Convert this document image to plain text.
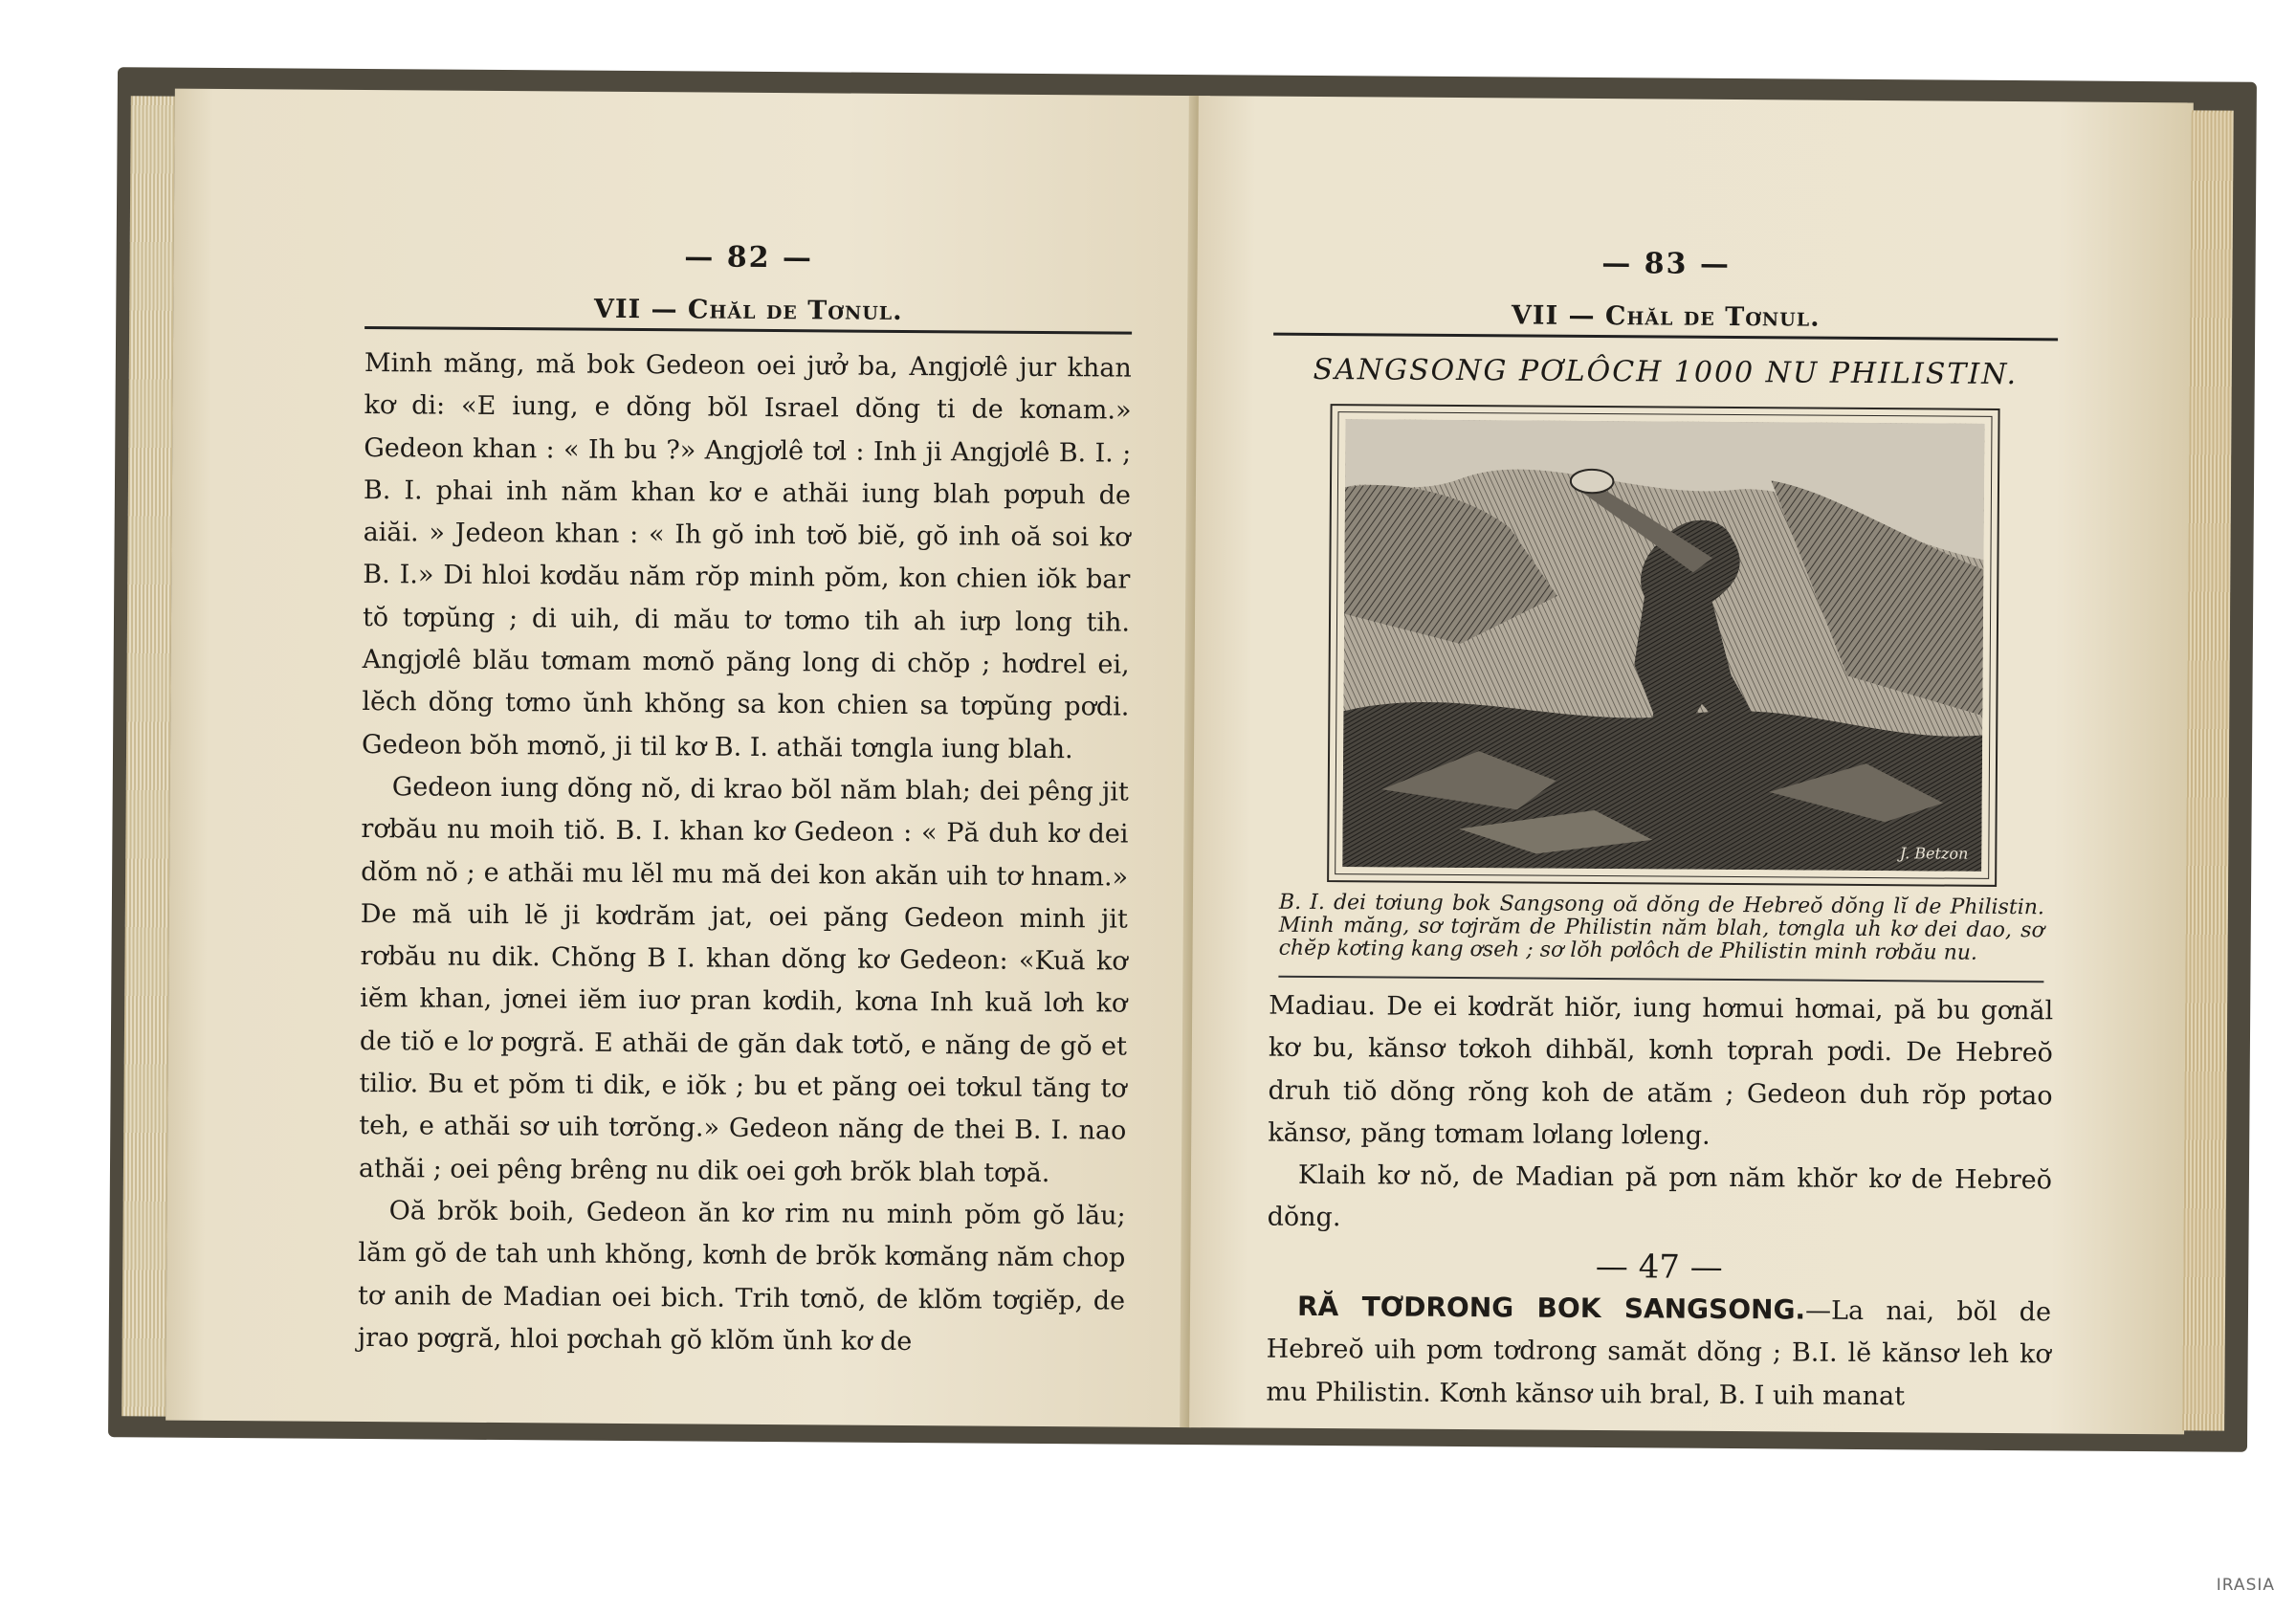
— 82 —
VII — Chăl de Tơnul.

Minh măng, mă bok Gedeon oei jưở ba, Angjơlê jur khan kơ di: «E iung, e dŏng bŏl Israel dŏng ti de kơnam.» Gedeon khan : « Ih bu ?» Angjơlê tơl : Inh ji Angjơlê B. I. ; B. I. phai inh năm khan kơ e athăi iung blah pơpuh de aiăi. » Jedeon khan : « Ih gŏ inh tơŏ biĕ, gŏ inh oă soi kơ B. I.» Di hloi kơdău năm rŏp minh pŏm, kon chien iŏk bar tŏ tơpŭng ; di uih, di mău tơ tơmo tih ah iưp long tih. Angjơlê blău tơmam mơnŏ păng long di chŏp ; hơdrel ei, lĕch dŏng tơmo ŭnh khŏng sa kon chien sa tơpŭng pơdi. Gedeon bŏh mơnŏ, ji til kơ B. I. athăi tơngla iung blah.

Gedeon iung dŏng nŏ, di krao bŏl năm blah; dei pêng jit rơbău nu moih tiŏ. B. I. khan kơ Gedeon : « Pă duh kơ dei dŏm nŏ ; e athăi mu lĕl mu mă dei kon akăn uih tơ hnam.» De mă uih lĕ ji kơdrăm jat, oei păng Gedeon minh jit rơbău nu dik. Chŏng B I. khan dŏng kơ Gedeon: «Kuă kơ iĕm khan, jơnei iĕm iuơ pran kơdih, kơna Inh kuă lơh kơ de tiŏ e lơ pơgră. E athăi de găn dak tơtŏ, e năng de gŏ et tiliơ. Bu et pŏm ti dik, e iŏk ; bu et păng oei tơkul tăng tơ teh, e athăi sơ uih tơrŏng.» Gedeon năng de thei B. I. nao athăi ; oei pêng brêng nu dik oei gơh brŏk blah tơpă.

Oă brŏk boih, Gedeon ăn kơ rim nu minh pŏm gŏ lău; lăm gŏ de tah unh khŏng, kơnh de brŏk kơmăng năm chop tơ anih de Madian oei bich. Trih tơnŏ, de klŏm tơgiĕp, de jrao pơgră, hloi pơchah gŏ klŏm ŭnh kơ de

— 83 —
VII — Chăl de Tơnul.
SANGSONG PƠLÔCH 1000 NU PHILISTIN.
J. Betzon
B. I. dei tơiung bok Sangsong oă dŏng de Hebreŏ dŏng lĭ de Philistin. Minh măng, sơ tơjrăm de Philistin năm blah, tơngla uh kơ dei dao, sơ chĕp kơting kang ơseh ; sơ lŏh pơlôch de Philistin minh rơbău nu.

Madiau. De ei kơdrăt hiŏr, iung hơmui hơmai, pă bu gơnăl kơ bu, kănsơ tơkoh dihbăl, kơnh tơprah pơdi. De Hebreŏ druh tiŏ dŏng rŏng koh de atăm ; Gedeon duh rŏp pơtao kănsơ, păng tơmam lơlang lơleng.

Klaih kơ nŏ, de Madian pă pơn năm khŏr kơ de Hebreŏ dŏng.

— 47 —

RĂ TƠDRONG BOK SANGSONG.—La nai, bŏl de Hebreŏ uih pơm tơdrong samăt dŏng ; B.I. lĕ kănsơ leh kơ mu Philistin. Kơnh kănsơ uih bral, B. I uih manat

IRASIA
